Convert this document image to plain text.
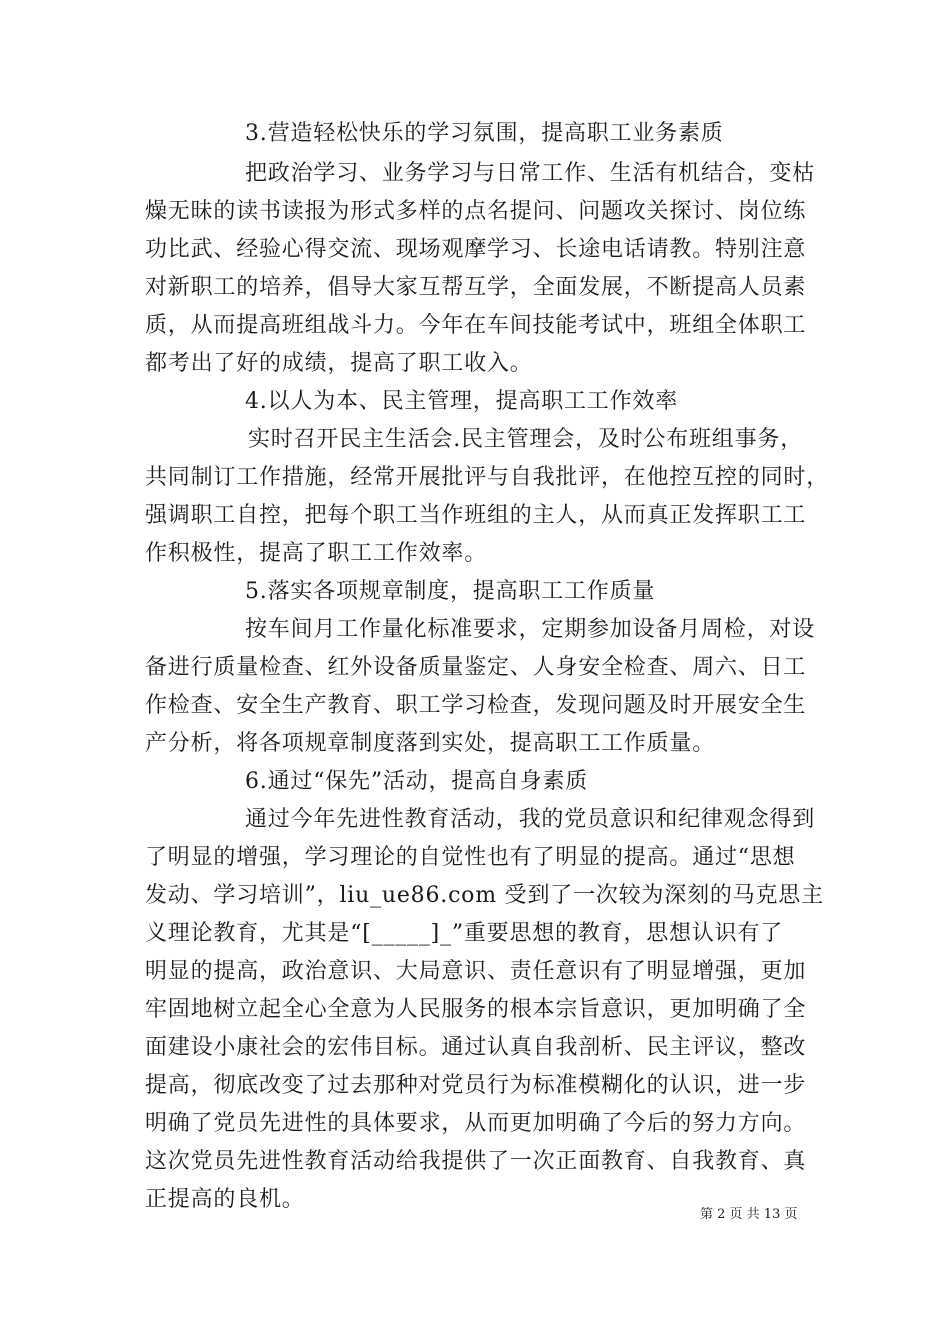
3.营造轻松快乐的学习氛围，提高职工业务素质
把政治学习、业务学习与日常工作、生活有机结合，变枯
燥无昧的读书读报为形式多样的点名提问、问题攻关探讨、岗位练
功比武、经验心得交流、现场观摩学习、长途电话请教。特别注意
对新职工的培养，倡导大家互帮互学，全面发展，不断提高人员素
质，从而提高班组战斗力。今年在车间技能考试中，班组全体职工
都考出了好的成绩，提高了职工收入。
4.以人为本、民主管理，提高职工工作效率
实时召开民主生活会.民主管理会，及时公布班组事务，
共同制订工作措施，经常开展批评与自我批评，在他控互控的同时，
强调职工自控，把每个职工当作班组的主人，从而真正发挥职工工
作积极性，提高了职工工作效率。
5.落实各项规章制度，提高职工工作质量
按车间月工作量化标准要求，定期参加设备月周检，对设
备进行质量检查、红外设备质量鉴定、人身安全检查、周六、日工
作检查、安全生产教育、职工学习检查，发现问题及时开展安全生
产分析，将各项规章制度落到实处，提高职工工作质量。
6.通过“保先”活动，提高自身素质
通过今年先进性教育活动，我的党员意识和纪律观念得到
了明显的增强，学习理论的自觉性也有了明显的提高。通过“思想
发动、学习培训”，liu_ue86.com 受到了一次较为深刻的马克思主
义理论教育，尤其是“[_____]_”重要思想的教育，思想认识有了
明显的提高，政治意识、大局意识、责任意识有了明显增强，更加
牢固地树立起全心全意为人民服务的根本宗旨意识，更加明确了全
面建设小康社会的宏伟目标。通过认真自我剖析、民主评议，整改
提高，彻底改变了过去那种对党员行为标准模糊化的认识，进一步
明确了党员先进性的具体要求，从而更加明确了今后的努力方向。
这次党员先进性教育活动给我提供了一次正面教育、自我教育、真
正提高的良机。
第 2 页 共 13 页
